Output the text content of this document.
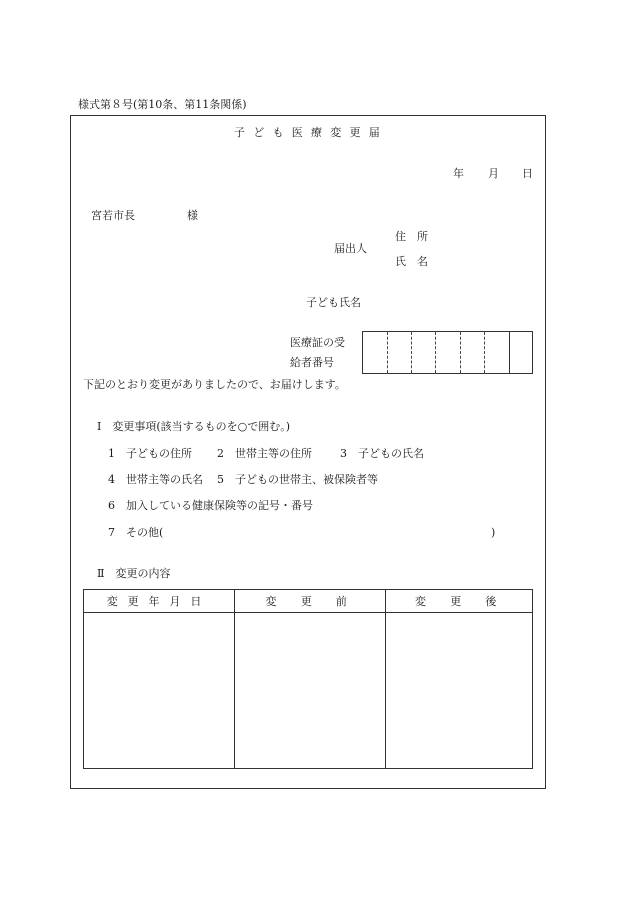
様式第８号(第10条、第11条関係)
子ども医療変更届
年 月 日
宮若市長	様
届出人
住　所
氏　名
子ども氏名
医療証の受
給者番号
下記のとおり変更がありましたので、お届けします。
Ⅰ　変更事項(該当するものを○で囲む。)
1　子どもの住所 2　世帯主等の住所	3　子どもの氏名
4　世帯主等の氏名 5　子どもの世帯主、被保険者等
6　加入している健康保険等の記号・番号
7　その他(	)
Ⅱ　変更の内容
変更年月日	変　更　前	変　更　後
